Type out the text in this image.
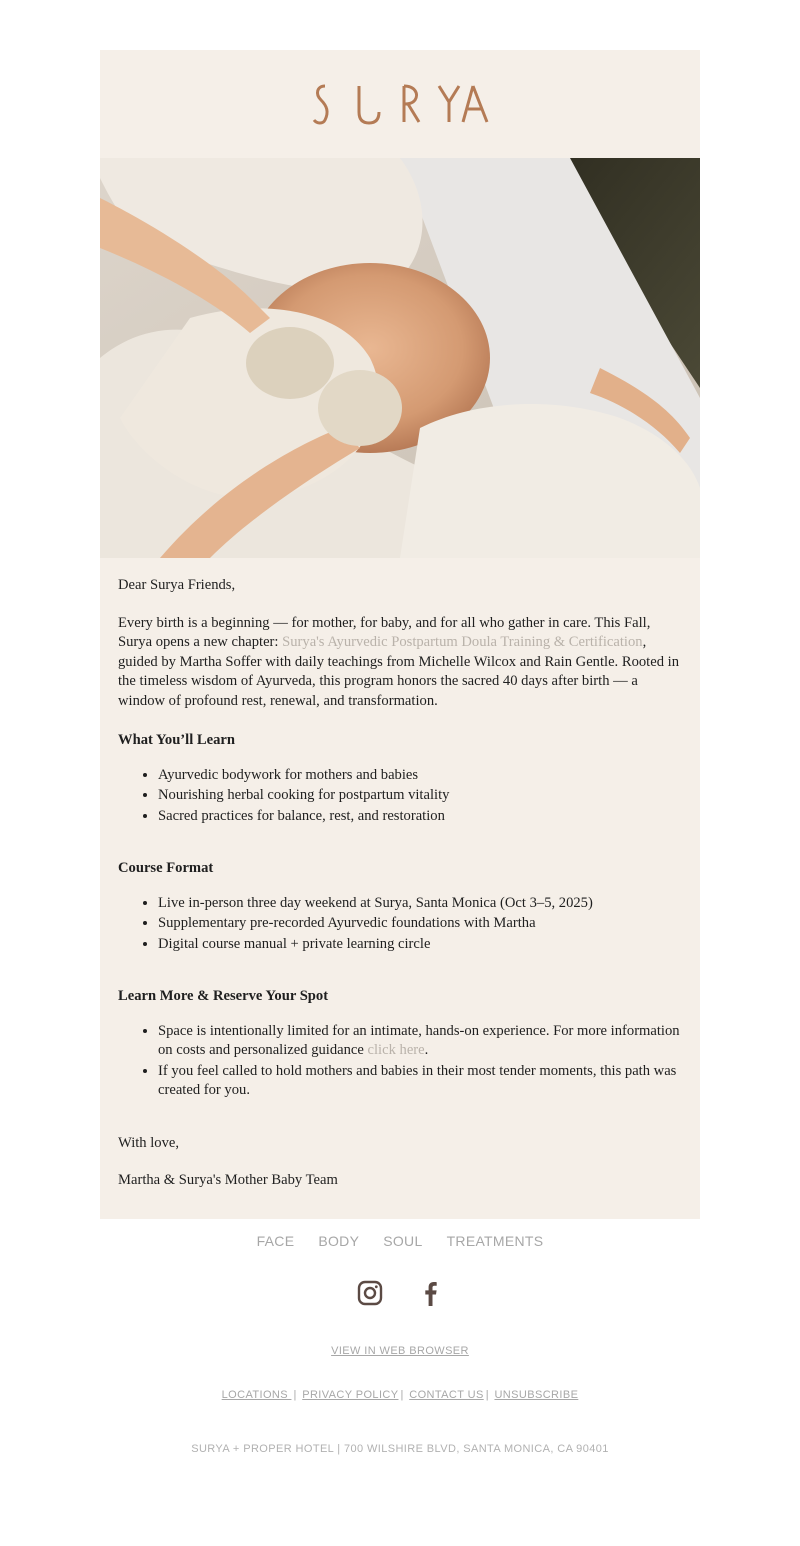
Dear Surya Friends,

Every birth is a beginning — for mother, for baby, and for all who gather in care. This Fall, Surya opens a new chapter: Surya's Ayurvedic Postpartum Doula Training & Certification, guided by Martha Soffer with daily teachings from Michelle Wilcox and Rain Gentle. Rooted in the timeless wisdom of Ayurveda, this program honors the sacred 40 days after birth — a window of profound rest, renewal, and transformation.

What You’ll Learn
• Ayurvedic bodywork for mothers and babies
• Nourishing herbal cooking for postpartum vitality
• Sacred practices for balance, rest, and restoration
Course Format
• Live in-person three day weekend at Surya, Santa Monica (Oct 3–5, 2025)
• Supplementary pre-recorded Ayurvedic foundations with Martha
• Digital course manual + private learning circle
Learn More & Reserve Your Spot
• Space is intentionally limited for an intimate, hands-on experience. For more information on costs and personalized guidance click here.
• If you feel called to hold mothers and babies in their most tender moments, this path was created for you.

With love,

Martha & Surya's Mother Baby Team

FACE BODY SOUL TREATMENTS
VIEW IN WEB BROWSER
LOCATIONS | PRIVACY POLICY | CONTACT US | UNSUBSCRIBE
SURYA + PROPER HOTEL | 700 WILSHIRE BLVD, SANTA MONICA, CA 90401
